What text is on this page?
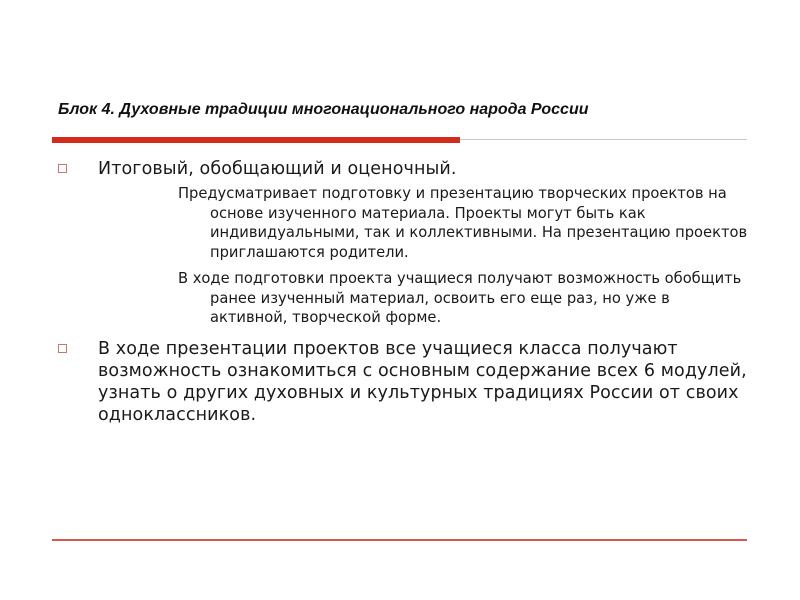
Блок 4. Духовные традиции многонационального народа России
Итоговый, обобщающий и оценочный.
Предусматривает подготовку и презентацию творческих проектов на основе изученного материала. Проекты могут быть как индивидуальными, так и коллективными. На презентацию проектов приглашаются родители.
В ходе подготовки проекта учащиеся получают возможность обобщить ранее изученный материал, освоить его еще раз, но уже в активной, творческой форме.
В ходе презентации проектов все учащиеся класса получают возможность ознакомиться с основным содержание всех 6 модулей, узнать о других духовных и культурных традициях России от своих одноклассников.
